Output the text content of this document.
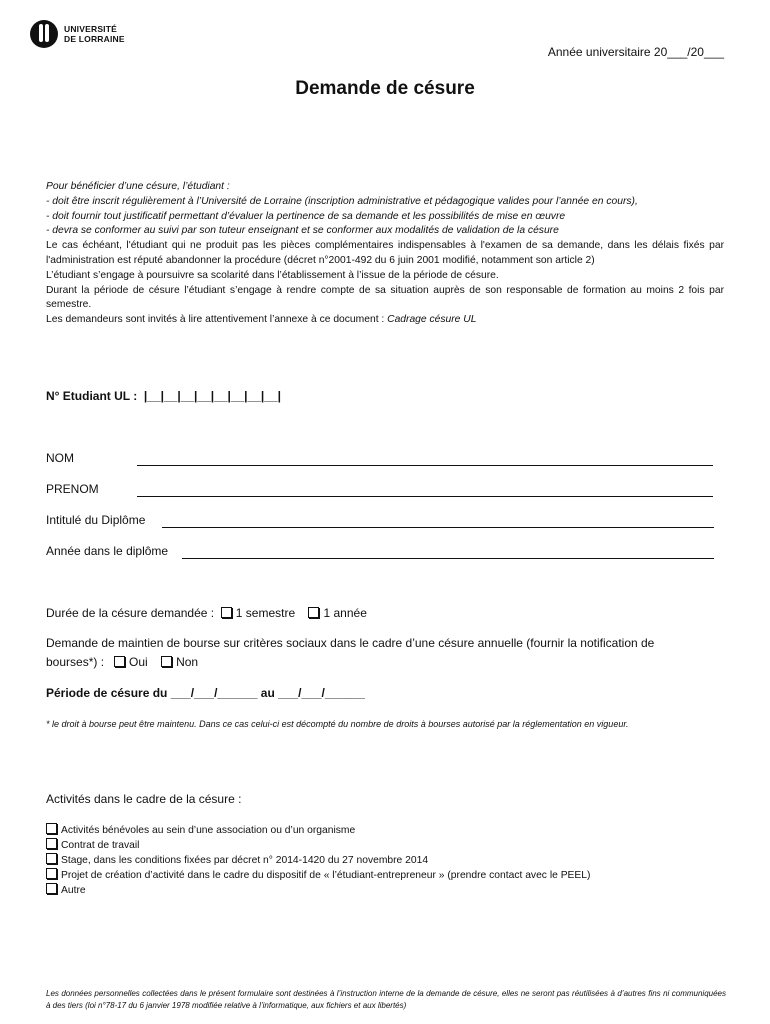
UNIVERSITÉ
DE LORRAINE
Année universitaire 20___/20___
Demande de césure

Pour bénéficier d’une césure, l’étudiant :

- doit être inscrit régulièrement à l’Université de Lorraine (inscription administrative et pédagogique valides pour l’année en cours),

- doit fournir tout justificatif permettant d’évaluer la pertinence de sa demande et les possibilités de mise en œuvre

- devra se conformer au suivi par son tuteur enseignant et se conformer aux modalités de validation de la césure

Le cas échéant, l'étudiant qui ne produit pas les pièces complémentaires indispensables à l'examen de sa demande, dans les délais fixés par l'administration est réputé abandonner la procédure (décret n°2001-492 du 6 juin 2001 modifié, notamment son article 2)

L’étudiant s’engage à poursuivre sa scolarité dans l’établissement à l’issue de la période de césure.

Durant la période de césure l’étudiant s’engage à rendre compte de sa situation auprès de son responsable de formation au moins 2 fois par semestre.

Les demandeurs sont invités à lire attentivement l’annexe à ce document : Cadrage césure UL

N° Etudiant UL : |__|__|__|__|__|__|__|__|
NOM
PRENOM
Intitulé du Diplôme
Année dans le diplôme
Durée de la césure demandée : 1 semestre 1 année
Demande de maintien de bourse sur critères sociaux dans le cadre d’une césure annuelle (fournir la notification de
bourses*) : Oui Non
Période de césure du ___/___/______ au ___/___/______
* le droit à bourse peut être maintenu. Dans ce cas celui-ci est décompté du nombre de droits à bourses autorisé par la réglementation en vigueur.
Activités dans le cadre de la césure :
Activités bénévoles au sein d’une association ou d’un organisme
Contrat de travail
Stage, dans les conditions fixées par décret n° 2014-1420 du 27 novembre 2014
Projet de création d’activité dans le cadre du dispositif de « l’étudiant-entrepreneur » (prendre contact avec le PEEL)
Autre
Les données personnelles collectées dans le présent formulaire sont destinées à l’instruction interne de la demande de césure, elles ne seront pas réutilisées à d’autres fins ni communiquées à des tiers (loi n°78-17 du 6 janvier 1978 modifiée relative à l’informatique, aux fichiers et aux libertés)
